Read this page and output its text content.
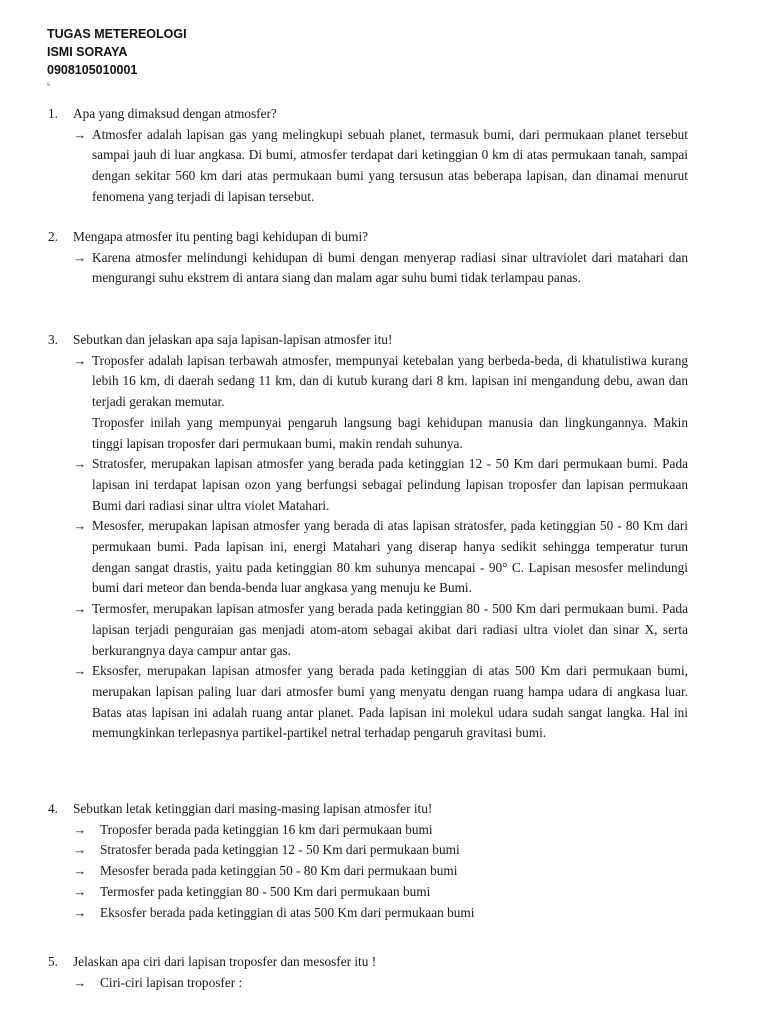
TUGAS METEREOLOGI
ISMI SORAYA
0908105010001
s
1.	Apa yang dimaksud dengan atmosfer?
→ Atmosfer adalah lapisan gas yang melingkupi sebuah planet, termasuk bumi, dari permukaan planet tersebut sampai jauh di luar angkasa. Di bumi, atmosfer terdapat dari ketinggian 0 km di atas permukaan tanah, sampai dengan sekitar 560 km dari atas permukaan bumi yang tersusun atas beberapa lapisan, dan dinamai menurut fenomena yang terjadi di lapisan tersebut.
2.	Mengapa atmosfer itu penting bagi kehidupan di bumi?
→ Karena atmosfer melindungi kehidupan di bumi dengan menyerap radiasi sinar ultraviolet dari matahari dan mengurangi suhu ekstrem di antara siang dan malam agar suhu bumi tidak terlampau panas.
3.	Sebutkan dan jelaskan apa saja lapisan-lapisan atmosfer itu!
→ Troposfer adalah lapisan terbawah atmosfer, mempunyai ketebalan yang berbeda-beda, di khatulistiwa kurang lebih 16 km, di daerah sedang 11 km, dan di kutub kurang dari 8 km. lapisan ini mengandung debu, awan dan terjadi gerakan memutar.
Troposfer inilah yang mempunyai pengaruh langsung bagi kehidupan manusia dan lingkungannya. Makin tinggi lapisan troposfer dari permukaan bumi, makin rendah suhunya.
→ Stratosfer, merupakan lapisan atmosfer yang berada pada ketinggian 12 - 50 Km dari permukaan bumi. Pada lapisan ini terdapat lapisan ozon yang berfungsi sebagai pelindung lapisan troposfer dan lapisan permukaan Bumi dari radiasi sinar ultra violet Matahari.
→ Mesosfer, merupakan lapisan atmosfer yang berada di atas lapisan stratosfer, pada ketinggian 50 - 80 Km dari permukaan bumi. Pada lapisan ini, energi Matahari yang diserap hanya sedikit sehingga temperatur turun dengan sangat drastis, yaitu pada ketinggian 80 km suhunya mencapai - 90° C. Lapisan mesosfer melindungi bumi dari meteor dan benda-benda luar angkasa yang menuju ke Bumi.
→ Termosfer, merupakan lapisan atmosfer yang berada pada ketinggian 80 - 500 Km dari permukaan bumi. Pada lapisan terjadi penguraian gas menjadi atom-atom sebagai akibat dari radiasi ultra violet dan sinar X, serta berkurangnya daya campur antar gas.
→ Eksosfer, merupakan lapisan atmosfer yang berada pada ketinggian di atas 500 Km dari permukaan bumi, merupakan lapisan paling luar dari atmosfer bumi yang menyatu dengan ruang hampa udara di angkasa luar. Batas atas lapisan ini adalah ruang antar planet. Pada lapisan ini molekul udara sudah sangat langka. Hal ini memungkinkan terlepasnya partikel-partikel netral terhadap pengaruh gravitasi bumi.
4.	Sebutkan letak ketinggian dari masing-masing lapisan atmosfer itu!
→	Troposfer berada pada ketinggian 16 km dari permukaan bumi
→	Stratosfer berada pada ketinggian 12 - 50 Km dari permukaan bumi
→	Mesosfer berada pada ketinggian 50 - 80 Km dari permukaan bumi
→	Termosfer pada ketinggian 80 - 500 Km dari permukaan bumi
→	Eksosfer berada pada ketinggian di atas 500 Km dari permukaan bumi
5.	Jelaskan apa ciri dari lapisan troposfer dan mesosfer itu !
→	Ciri-ciri lapisan troposfer :
